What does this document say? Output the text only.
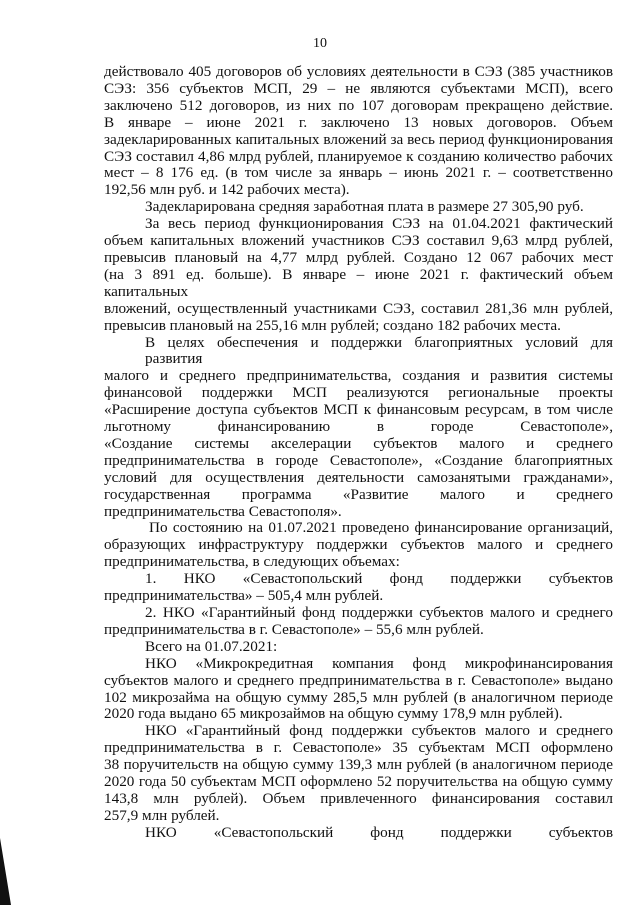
10
действовало 405 договоров об условиях деятельности в СЭЗ (385 участников
СЭЗ: 356 субъектов МСП, 29 – не являются субъектами МСП), всего
заключено 512 договоров, из них по 107 договорам прекращено действие.
В январе – июне 2021 г. заключено 13 новых договоров. Объем
задекларированных капитальных вложений за весь период функционирования
СЭЗ составил 4,86 млрд рублей, планируемое к созданию количество рабочих
мест – 8 176 ед. (в том числе за январь – июнь 2021 г. – соответственно
192,56 млн руб. и 142 рабочих места).
Задекларирована средняя заработная плата в размере 27 305,90 руб.
За весь период функционирования СЭЗ на 01.04.2021 фактический
объем капитальных вложений участников СЭЗ составил 9,63 млрд рублей,
превысив плановый на 4,77 млрд рублей. Создано 12 067 рабочих мест
(на 3 891 ед. больше). В январе – июне 2021 г. фактический объем капитальных
вложений, осуществленный участниками СЭЗ, составил 281,36 млн рублей,
превысив плановый на 255,16 млн рублей; создано 182 рабочих места.
В целях обеспечения и поддержки благоприятных условий для развития
малого и среднего предпринимательства, создания и развития системы
финансовой поддержки МСП реализуются региональные проекты
«Расширение доступа субъектов МСП к финансовым ресурсам, в том числе
льготному финансированию в городе Севастополе»,
«Создание системы акселерации субъектов малого и среднего
предпринимательства в городе Севастополе», «Создание благоприятных
условий для осуществления деятельности самозанятыми гражданами»,
государственная программа «Развитие малого и среднего
предпринимательства Севастополя».
По состоянию на 01.07.2021 проведено финансирование организаций,
образующих инфраструктуру поддержки субъектов малого и среднего
предпринимательства, в следующих объемах:
1. НКО «Севастопольский фонд поддержки субъектов
предпринимательства» – 505,4 млн рублей.
2. НКО «Гарантийный фонд поддержки субъектов малого и среднего
предпринимательства в г. Севастополе» – 55,6 млн рублей.
Всего на 01.07.2021:
НКО «Микрокредитная компания фонд микрофинансирования
субъектов малого и среднего предпринимательства в г. Севастополе» выдано
102 микрозайма на общую сумму 285,5 млн рублей (в аналогичном периоде
2020 года выдано 65 микрозаймов на общую сумму 178,9 млн рублей).
НКО «Гарантийный фонд поддержки субъектов малого и среднего
предпринимательства в г. Севастополе» 35 субъектам МСП оформлено
38 поручительств на общую сумму 139,3 млн рублей (в аналогичном периоде
2020 года 50 субъектам МСП оформлено 52 поручительства на общую сумму
143,8 млн рублей). Объем привлеченного финансирования составил
257,9 млн рублей.
НКО «Севастопольский фонд поддержки субъектов
